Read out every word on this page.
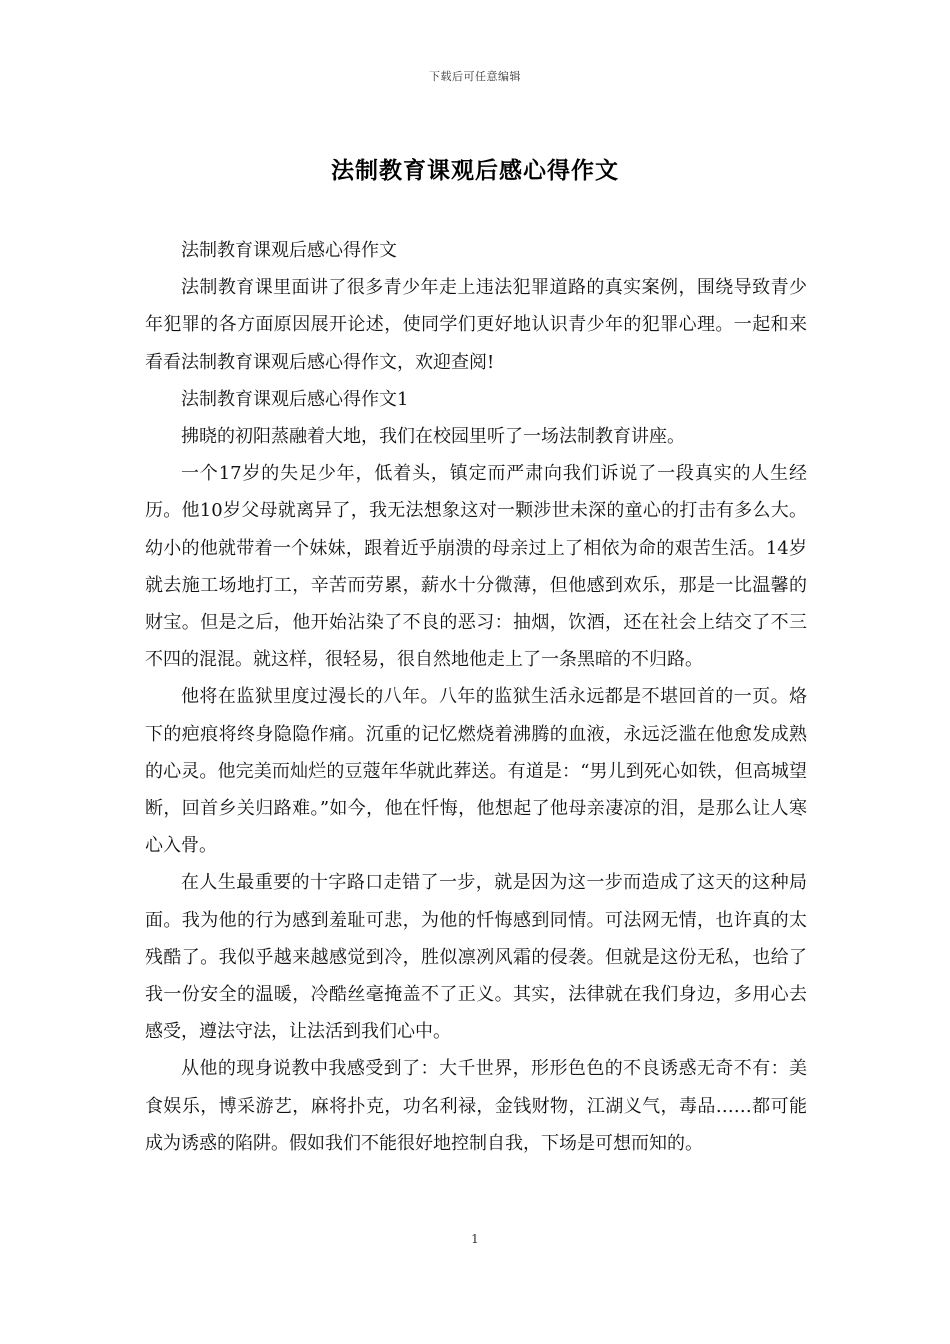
下载后可任意编辑
法制教育课观后感心得作文

法制教育课观后感心得作文

法制教育课里面讲了很多青少年走上违法犯罪道路的真实案例，围绕导致青少年犯罪的各方面原因展开论述，使同学们更好地认识青少年的犯罪心理。一起和来看看法制教育课观后感心得作文，欢迎查阅!

法制教育课观后感心得作文1

拂晓的初阳蒸融着大地，我们在校园里听了一场法制教育讲座。

一个17岁的失足少年，低着头，镇定而严肃向我们诉说了一段真实的人生经历。他10岁父母就离异了，我无法想象这对一颗涉世未深的童心的打击有多么大。幼小的他就带着一个妹妹，跟着近乎崩溃的母亲过上了相依为命的艰苦生活。14岁就去施工场地打工，辛苦而劳累，薪水十分微薄，但他感到欢乐，那是一比温馨的财宝。但是之后，他开始沾染了不良的恶习：抽烟，饮酒，还在社会上结交了不三不四的混混。就这样，很轻易，很自然地他走上了一条黑暗的不归路。

他将在监狱里度过漫长的八年。八年的监狱生活永远都是不堪回首的一页。烙下的疤痕将终身隐隐作痛。沉重的记忆燃烧着沸腾的血液，永远泛滥在他愈发成熟的心灵。他完美而灿烂的豆蔻年华就此葬送。有道是：“男儿到死心如铁，但高城望断，回首乡关归路难。”如今，他在忏悔，他想起了他母亲凄凉的泪，是那么让人寒心入骨。

在人生最重要的十字路口走错了一步，就是因为这一步而造成了这天的这种局面。我为他的行为感到羞耻可悲，为他的忏悔感到同情。可法网无情，也许真的太残酷了。我似乎越来越感觉到冷，胜似凛冽风霜的侵袭。但就是这份无私，也给了我一份安全的温暖，冷酷丝毫掩盖不了正义。其实，法律就在我们身边，多用心去感受，遵法守法，让法活到我们心中。

从他的现身说教中我感受到了：大千世界，形形色色的不良诱惑无奇不有：美食娱乐，博采游艺，麻将扑克，功名利禄，金钱财物，江湖义气，毒品……都可能成为诱惑的陷阱。假如我们不能很好地控制自我，下场是可想而知的。

1
